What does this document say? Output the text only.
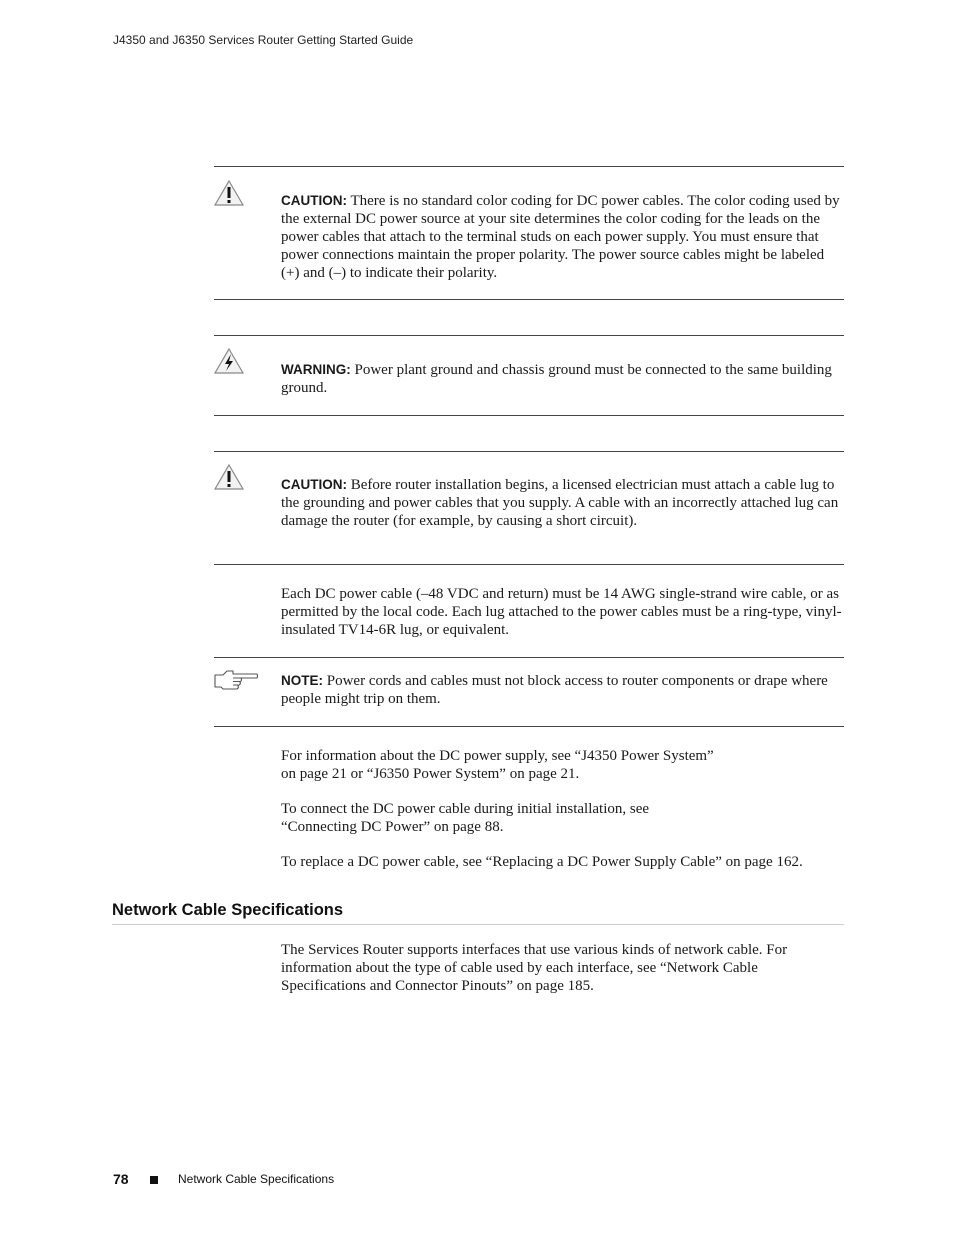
J4350 and J6350 Services Router Getting Started Guide
CAUTION: There is no standard color coding for DC power cables. The color coding used by the external DC power source at your site determines the color coding for the leads on the power cables that attach to the terminal studs on each power supply. You must ensure that power connections maintain the proper polarity. The power source cables might be labeled (+) and (–) to indicate their polarity.
WARNING: Power plant ground and chassis ground must be connected to the same building ground.
CAUTION: Before router installation begins, a licensed electrician must attach a cable lug to the grounding and power cables that you supply. A cable with an incorrectly attached lug can damage the router (for example, by causing a short circuit).
Each DC power cable (–48 VDC and return) must be 14 AWG single-strand wire cable, or as permitted by the local code. Each lug attached to the power cables must be a ring-type, vinyl-insulated TV14-6R lug, or equivalent.
NOTE: Power cords and cables must not block access to router components or drape where people might trip on them.
For information about the DC power supply, see “J4350 Power System”
on page 21 or “J6350 Power System” on page 21.
To connect the DC power cable during initial installation, see
“Connecting DC Power” on page 88.
To replace a DC power cable, see “Replacing a DC Power Supply Cable” on page 162.
Network Cable Specifications
The Services Router supports interfaces that use various kinds of network cable. For information about the type of cable used by each interface, see “Network Cable Specifications and Connector Pinouts” on page 185.
78	Network Cable Specifications
